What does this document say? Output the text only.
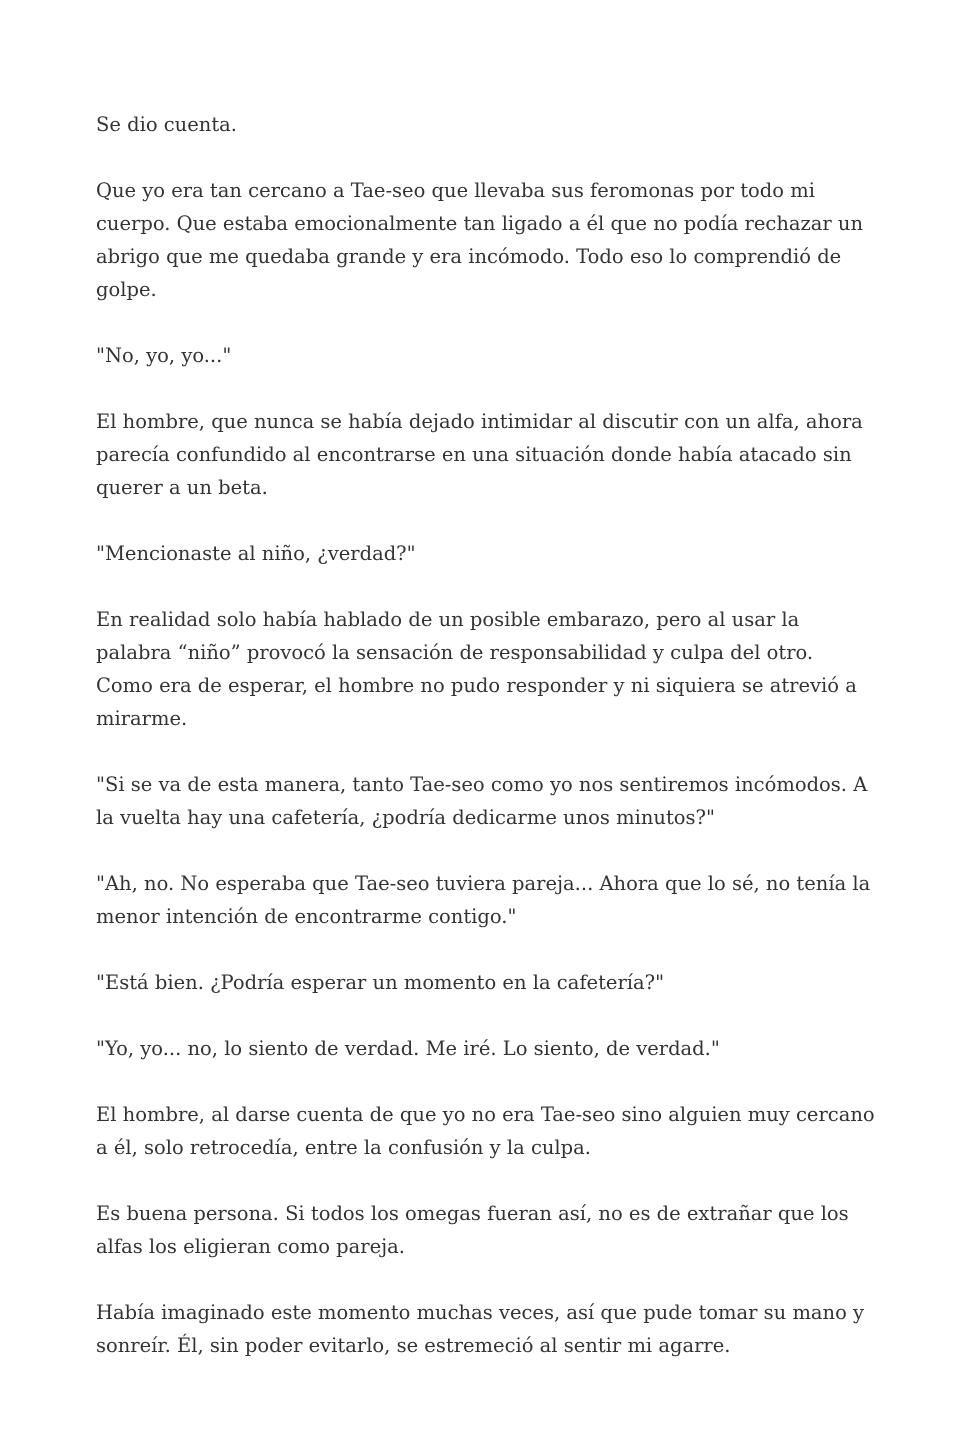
Se dio cuenta.

Que yo era tan cercano a Tae-seo que llevaba sus feromonas por todo mi cuerpo. Que estaba emocionalmente tan ligado a él que no podía rechazar un abrigo que me quedaba grande y era incómodo. Todo eso lo comprendió de golpe.

"No, yo, yo..."

El hombre, que nunca se había dejado intimidar al discutir con un alfa, ahora parecía confundido al encontrarse en una situación donde había atacado sin querer a un beta.

"Mencionaste al niño, ¿verdad?"

En realidad solo había hablado de un posible embarazo, pero al usar la palabra “niño” provocó la sensación de responsabilidad y culpa del otro. Como era de esperar, el hombre no pudo responder y ni siquiera se atrevió a mirarme.

"Si se va de esta manera, tanto Tae-seo como yo nos sentiremos incómodos. A la vuelta hay una cafetería, ¿podría dedicarme unos minutos?"

"Ah, no. No esperaba que Tae-seo tuviera pareja... Ahora que lo sé, no tenía la menor intención de encontrarme contigo."

"Está bien. ¿Podría esperar un momento en la cafetería?"

"Yo, yo... no, lo siento de verdad. Me iré. Lo siento, de verdad."

El hombre, al darse cuenta de que yo no era Tae-seo sino alguien muy cercano a él, solo retrocedía, entre la confusión y la culpa.

Es buena persona. Si todos los omegas fueran así, no es de extrañar que los alfas los eligieran como pareja.

Había imaginado este momento muchas veces, así que pude tomar su mano y sonreír. Él, sin poder evitarlo, se estremeció al sentir mi agarre.
